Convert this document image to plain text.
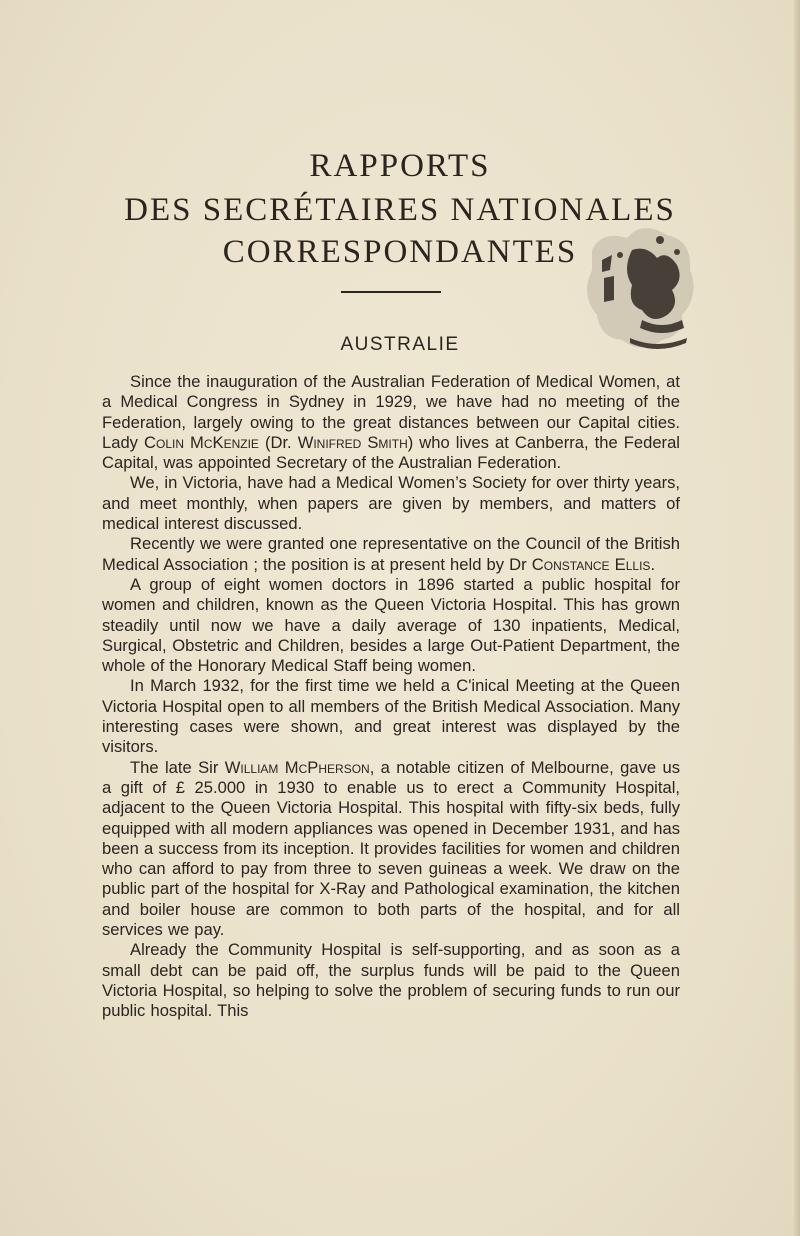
RAPPORTS
DES SECRÉTAIRES NATIONALES
CORRESPONDANTES
AUSTRALIE

Since the inauguration of the Australian Federation of Medical Women, at a Medical Congress in Sydney in 1929, we have had no meeting of the Federation, largely owing to the great distances between our Capital cities. Lady Colin McKenzie (Dr. Winifred Smith) who lives at Canberra, the Federal Capital, was appointed Secretary of the Australian Federation.

We, in Victoria, have had a Medical Women’s Society for over thirty years, and meet monthly, when papers are given by members, and matters of medical interest discussed.

Recently we were granted one representative on the Council of the British Medical Association ; the position is at present held by Dr Constance Ellis.

A group of eight women doctors in 1896 started a public hospital for women and children, known as the Queen Victoria Hospital. This has grown steadily until now we have a daily average of 130 inpatients, Medical, Surgical, Obstetric and Children, besides a large Out-Patient Department, the whole of the Honorary Medical Staff being women.

In March 1932, for the first time we held a C'inical Meeting at the Queen Victoria Hospital open to all members of the British Medical Association. Many interesting cases were shown, and great interest was displayed by the visitors.

The late Sir William McPherson, a notable citizen of Melbourne, gave us a gift of £ 25.000 in 1930 to enable us to erect a Community Hospital, adjacent to the Queen Victoria Hospital. This hospital with fifty-six beds, fully equipped with all modern appliances was opened in December 1931, and has been a success from its inception. It provides facilities for women and children who can afford to pay from three to seven guineas a week. We draw on the public part of the hospital for X-Ray and Pathological examination, the kitchen and boiler house are common to both parts of the hospital, and for all services we pay.

Already the Community Hospital is self-supporting, and as soon as a small debt can be paid off, the surplus funds will be paid to the Queen Victoria Hospital, so helping to solve the problem of securing funds to run our public hospital. This
